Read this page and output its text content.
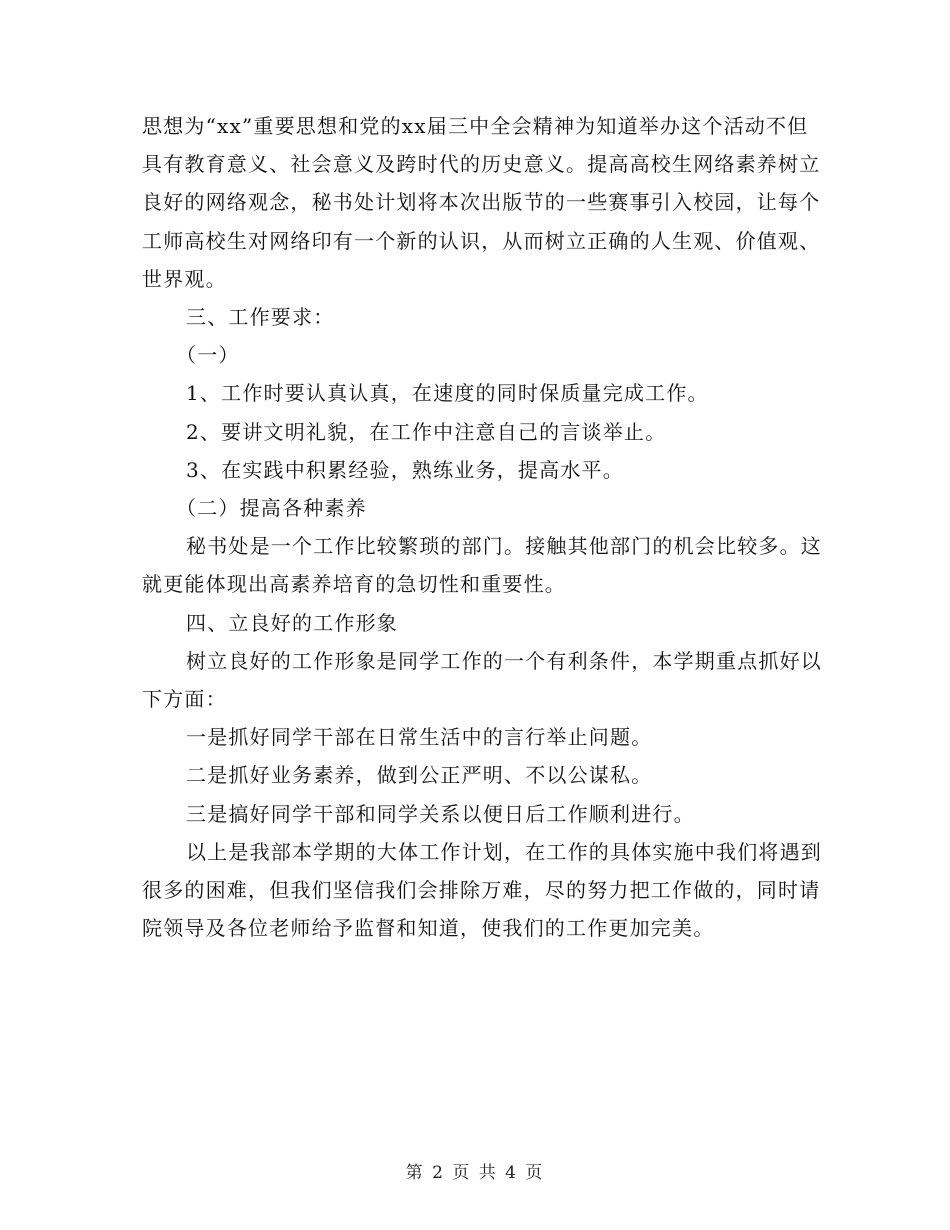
思想为“xx”重要思想和党的xx届三中全会精神为知道举办这个活动不但具有教育意义、社会意义及跨时代的历史意义。提高高校生网络素养树立良好的网络观念，秘书处计划将本次出版节的一些赛事引入校园，让每个工师高校生对网络印有一个新的认识，从而树立正确的人生观、价值观、世界观。

三、工作要求：

（一）

1、工作时要认真认真，在速度的同时保质量完成工作。

2、要讲文明礼貌，在工作中注意自己的言谈举止。

3、在实践中积累经验，熟练业务，提高水平。

（二）提高各种素养

秘书处是一个工作比较繁琐的部门。接触其他部门的机会比较多。这就更能体现出高素养培育的急切性和重要性。

四、立良好的工作形象

树立良好的工作形象是同学工作的一个有利条件，本学期重点抓好以下方面：

一是抓好同学干部在日常生活中的言行举止问题。

二是抓好业务素养，做到公正严明、不以公谋私。

三是搞好同学干部和同学关系以便日后工作顺利进行。

以上是我部本学期的大体工作计划，在工作的具体实施中我们将遇到很多的困难，但我们坚信我们会排除万难，尽的努力把工作做的，同时请院领导及各位老师给予监督和知道，使我们的工作更加完美。

第 2 页 共 4 页
